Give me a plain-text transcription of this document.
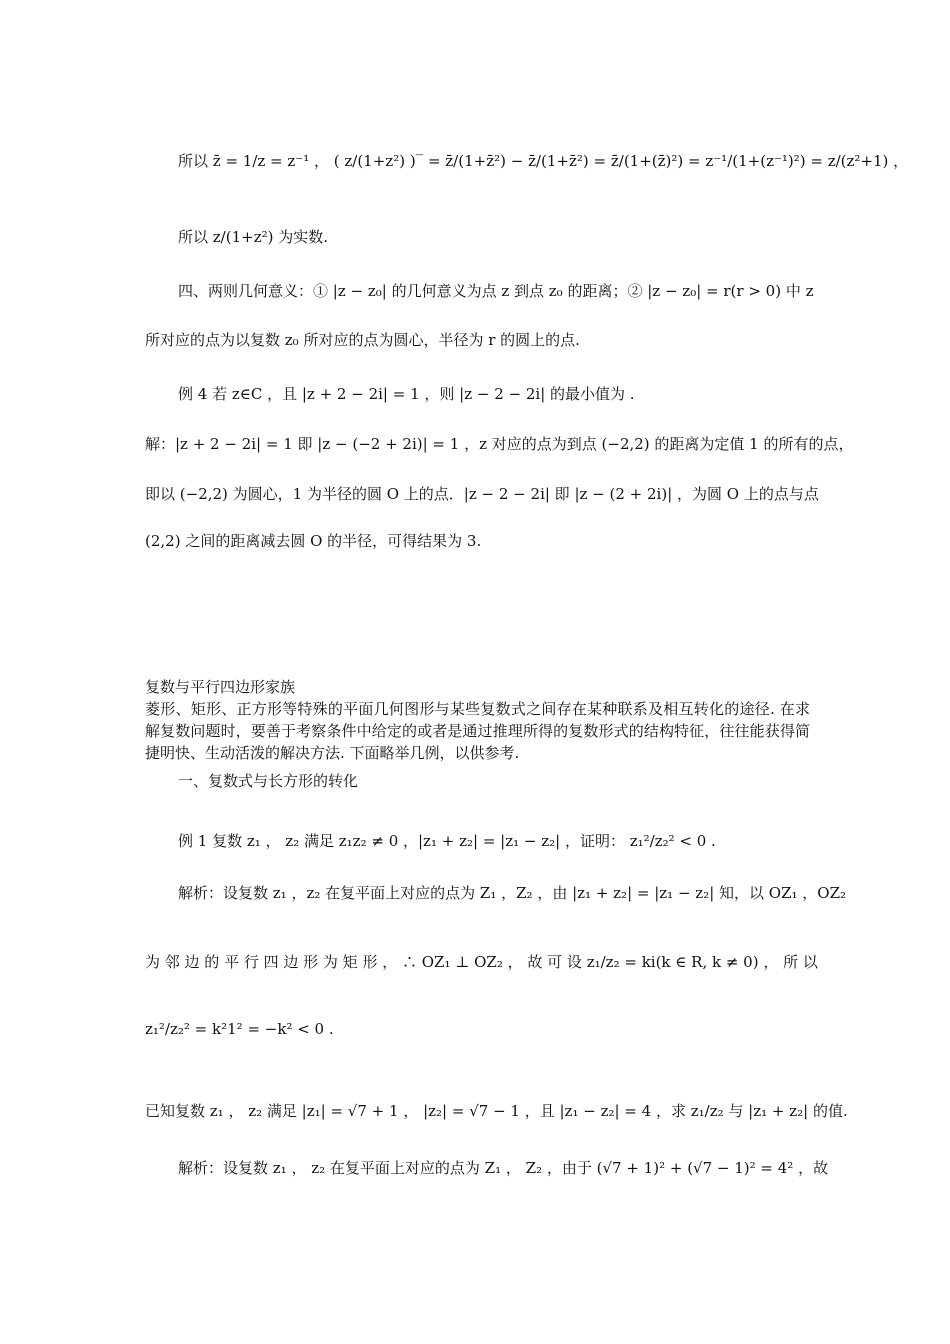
所以 z̄ = 1/z = z⁻¹ ， ( z/(1+z²) )‾ = z̄/(1+z̄²) − z̄/(1+z̄²) = z̄/(1+(z̄)²) = z⁻¹/(1+(z⁻¹)²) = z/(z²+1) ，
所以 z/(1+z²) 为实数.
四、两则几何意义：① |z − z₀| 的几何意义为点 z 到点 z₀ 的距离；② |z − z₀| = r(r > 0) 中 z
所对应的点为以复数 z₀ 所对应的点为圆心，半径为 r 的圆上的点.
例 4 若 z∈C ，且 |z + 2 − 2i| = 1 ，则 |z − 2 − 2i| 的最小值为 .
解：|z + 2 − 2i| = 1 即 |z − (−2 + 2i)| = 1 ，z 对应的点为到点 (−2,2) 的距离为定值 1 的所有的点，
即以 (−2,2) 为圆心，1 为半径的圆 O 上的点．|z − 2 − 2i| 即 |z − (2 + 2i)| ，为圆 O 上的点与点
(2,2) 之间的距离减去圆 O 的半径，可得结果为 3.
复数与平行四边形家族
菱形、矩形、正方形等特殊的平面几何图形与某些复数式之间存在某种联系及相互转化的途径. 在求解复数问题时，要善于考察条件中给定的或者是通过推理所得的复数形式的结构特征，往往能获得简捷明快、生动活泼的解决方法. 下面略举几例，以供参考.
一、复数式与长方形的转化
例 1 复数 z₁ ， z₂ 满足 z₁z₂ ≠ 0 ，|z₁ + z₂| = |z₁ − z₂| ，证明： z₁²/z₂² < 0 .
解析：设复数 z₁ ，z₂ 在复平面上对应的点为 Z₁ ，Z₂ ，由 |z₁ + z₂| = |z₁ − z₂| 知，以 OZ₁ ，OZ₂
为 邻 边 的 平 行 四 边 形 为 矩 形 ， ∴ OZ₁ ⊥ OZ₂ ， 故 可 设 z₁/z₂ = ki(k ∈ R, k ≠ 0) ， 所 以
z₁²/z₂² = k²1² = −k² < 0 .
已知复数 z₁ ， z₂ 满足 |z₁| = √7 + 1 ， |z₂| = √7 − 1 ，且 |z₁ − z₂| = 4 ，求 z₁/z₂ 与 |z₁ + z₂| 的值.
解析：设复数 z₁ ， z₂ 在复平面上对应的点为 Z₁ ， Z₂ ，由于 (√7 + 1)² + (√7 − 1)² = 4² ，故
